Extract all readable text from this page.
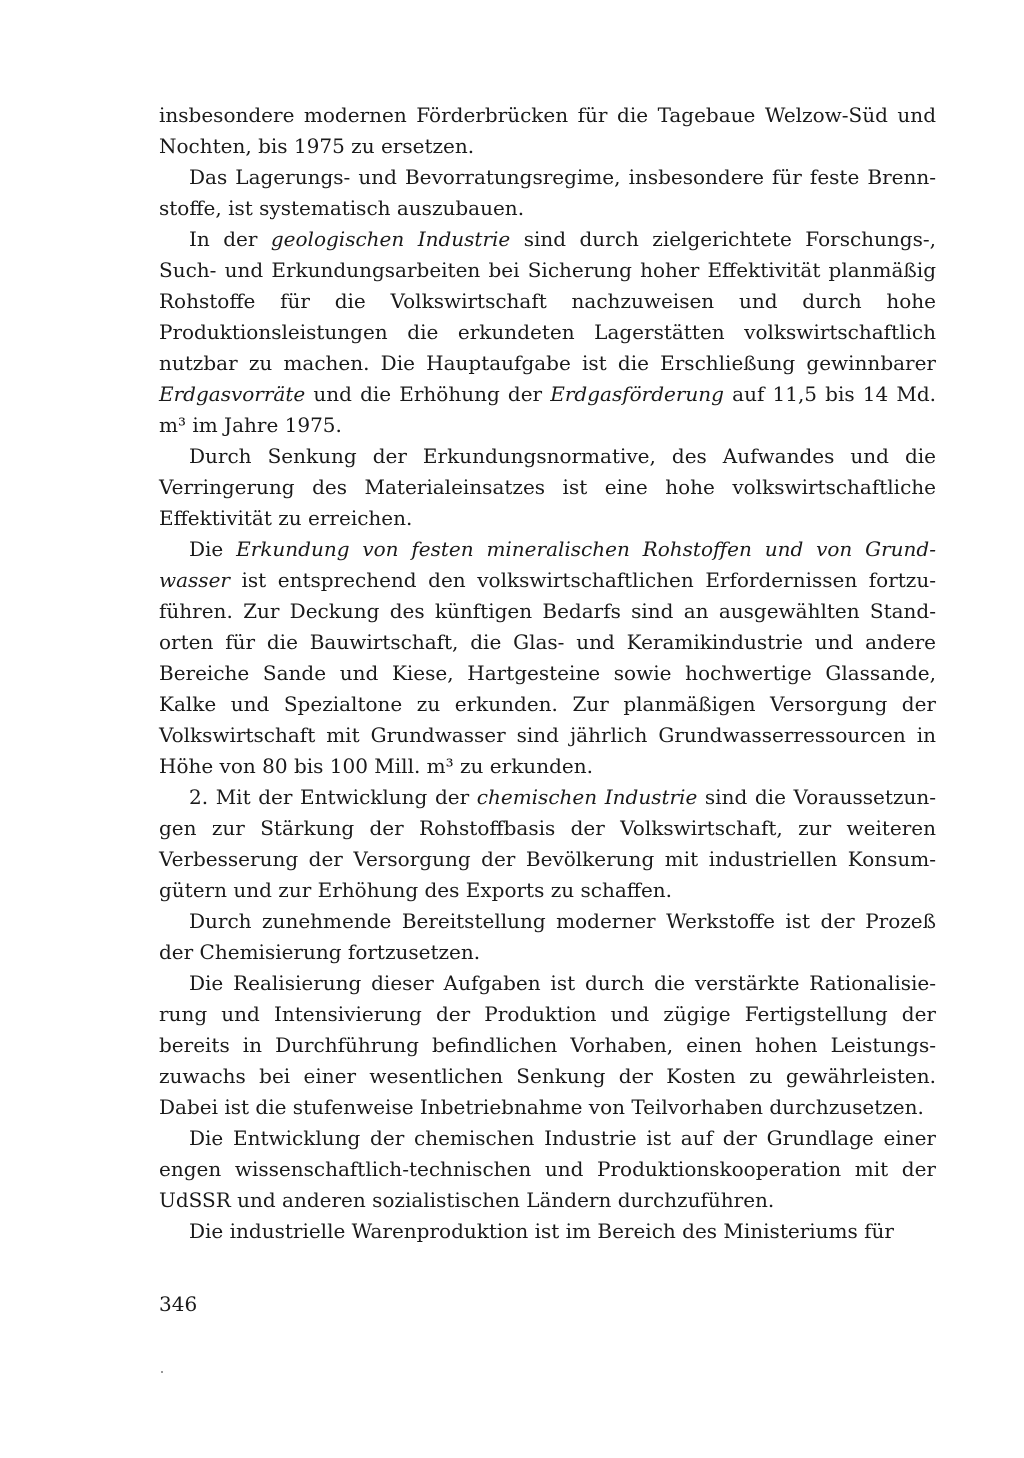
insbesondere modernen Förderbrücken für die Tagebaue Welzow-Süd und Nochten, bis 1975 zu ersetzen.

Das Lagerungs- und Bevorratungsregime, insbesondere für feste Brennstoffe, ist systematisch auszubauen.

In der geologischen Industrie sind durch zielgerichtete Forschungs-, Such- und Erkundungsarbeiten bei Sicherung hoher Effektivität planmäßig Rohstoffe für die Volkswirtschaft nachzuweisen und durch hohe Produktionsleistungen die erkundeten Lagerstätten volkswirtschaftlich nutzbar zu machen. Die Hauptaufgabe ist die Erschließung gewinnbarer Erdgasvorräte und die Erhöhung der Erdgasförderung auf 11,5 bis 14 Md. m³ im Jahre 1975.

Durch Senkung der Erkundungsnormative, des Aufwandes und die Verringerung des Materialeinsatzes ist eine hohe volkswirtschaftliche Effektivität zu erreichen.

Die Erkundung von festen mineralischen Rohstoffen und von Grundwasser ist entsprechend den volkswirtschaftlichen Erfordernissen fortzuführen. Zur Deckung des künftigen Bedarfs sind an ausgewählten Standorten für die Bauwirtschaft, die Glas- und Keramikindustrie und andere Bereiche Sande und Kiese, Hartgesteine sowie hochwertige Glassande, Kalke und Spezialtone zu erkunden. Zur planmäßigen Versorgung der Volkswirtschaft mit Grundwasser sind jährlich Grundwasserressourcen in Höhe von 80 bis 100 Mill. m³ zu erkunden.

2. Mit der Entwicklung der chemischen Industrie sind die Voraussetzungen zur Stärkung der Rohstoffbasis der Volkswirtschaft, zur weiteren Verbesserung der Versorgung der Bevölkerung mit industriellen Konsumgütern und zur Erhöhung des Exports zu schaffen.

Durch zunehmende Bereitstellung moderner Werkstoffe ist der Prozeß der Chemisierung fortzusetzen.

Die Realisierung dieser Aufgaben ist durch die verstärkte Rationalisierung und Intensivierung der Produktion und zügige Fertigstellung der bereits in Durchführung befindlichen Vorhaben, einen hohen Leistungszuwachs bei einer wesentlichen Senkung der Kosten zu gewährleisten. Dabei ist die stufenweise Inbetriebnahme von Teilvorhaben durchzusetzen.

Die Entwicklung der chemischen Industrie ist auf der Grundlage einer engen wissenschaftlich-technischen und Produktionskooperation mit der UdSSR und anderen sozialistischen Ländern durchzuführen.

Die industrielle Warenproduktion ist im Bereich des Ministeriums für

346
